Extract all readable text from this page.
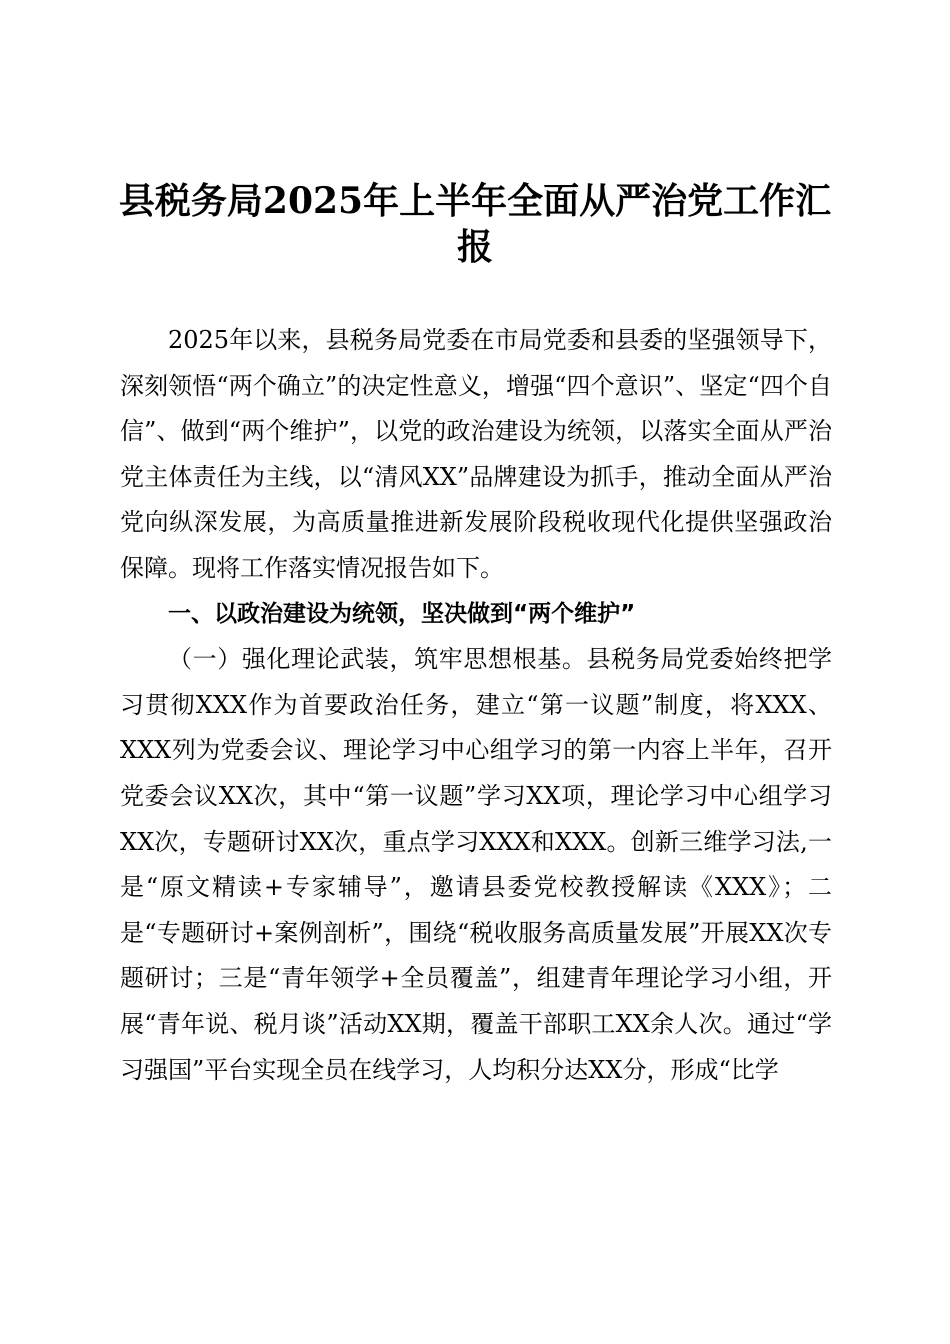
县税务局2025年上半年全面从严治党工作汇报

2025年以来，县税务局党委在市局党委和县委的坚强领导下，深刻领悟“两个确立”的决定性意义，增强“四个意识”、坚定“四个自信”、做到“两个维护”，以党的政治建设为统领，以落实全面从严治党主体责任为主线，以“清风XX”品牌建设为抓手，推动全面从严治党向纵深发展，为高质量推进新发展阶段税收现代化提供坚强政治保障。现将工作落实情况报告如下。

一、以政治建设为统领，坚决做到“两个维护”

（一）强化理论武装，筑牢思想根基。县税务局党委始终把学习贯彻XXX作为首要政治任务，建立“第一议题”制度，将XXX、XXX列为党委会议、理论学习中心组学习的第一内容上半年，召开党委会议XX次，其中“第一议题”学习XX项，理论学习中心组学习XX次，专题研讨XX次，重点学习XXX和XXX。创新三维学习法,一是“原文精读+专家辅导”，邀请县委党校教授解读《XXX》；二是“专题研讨+案例剖析”，围绕“税收服务高质量发展”开展XX次专题研讨；三是“青年领学+全员覆盖”，组建青年理论学习小组，开展“青年说、税月谈”活动XX期，覆盖干部职工XX余人次。通过“学习强国”平台实现全员在线学习，人均积分达XX分，形成“比学
